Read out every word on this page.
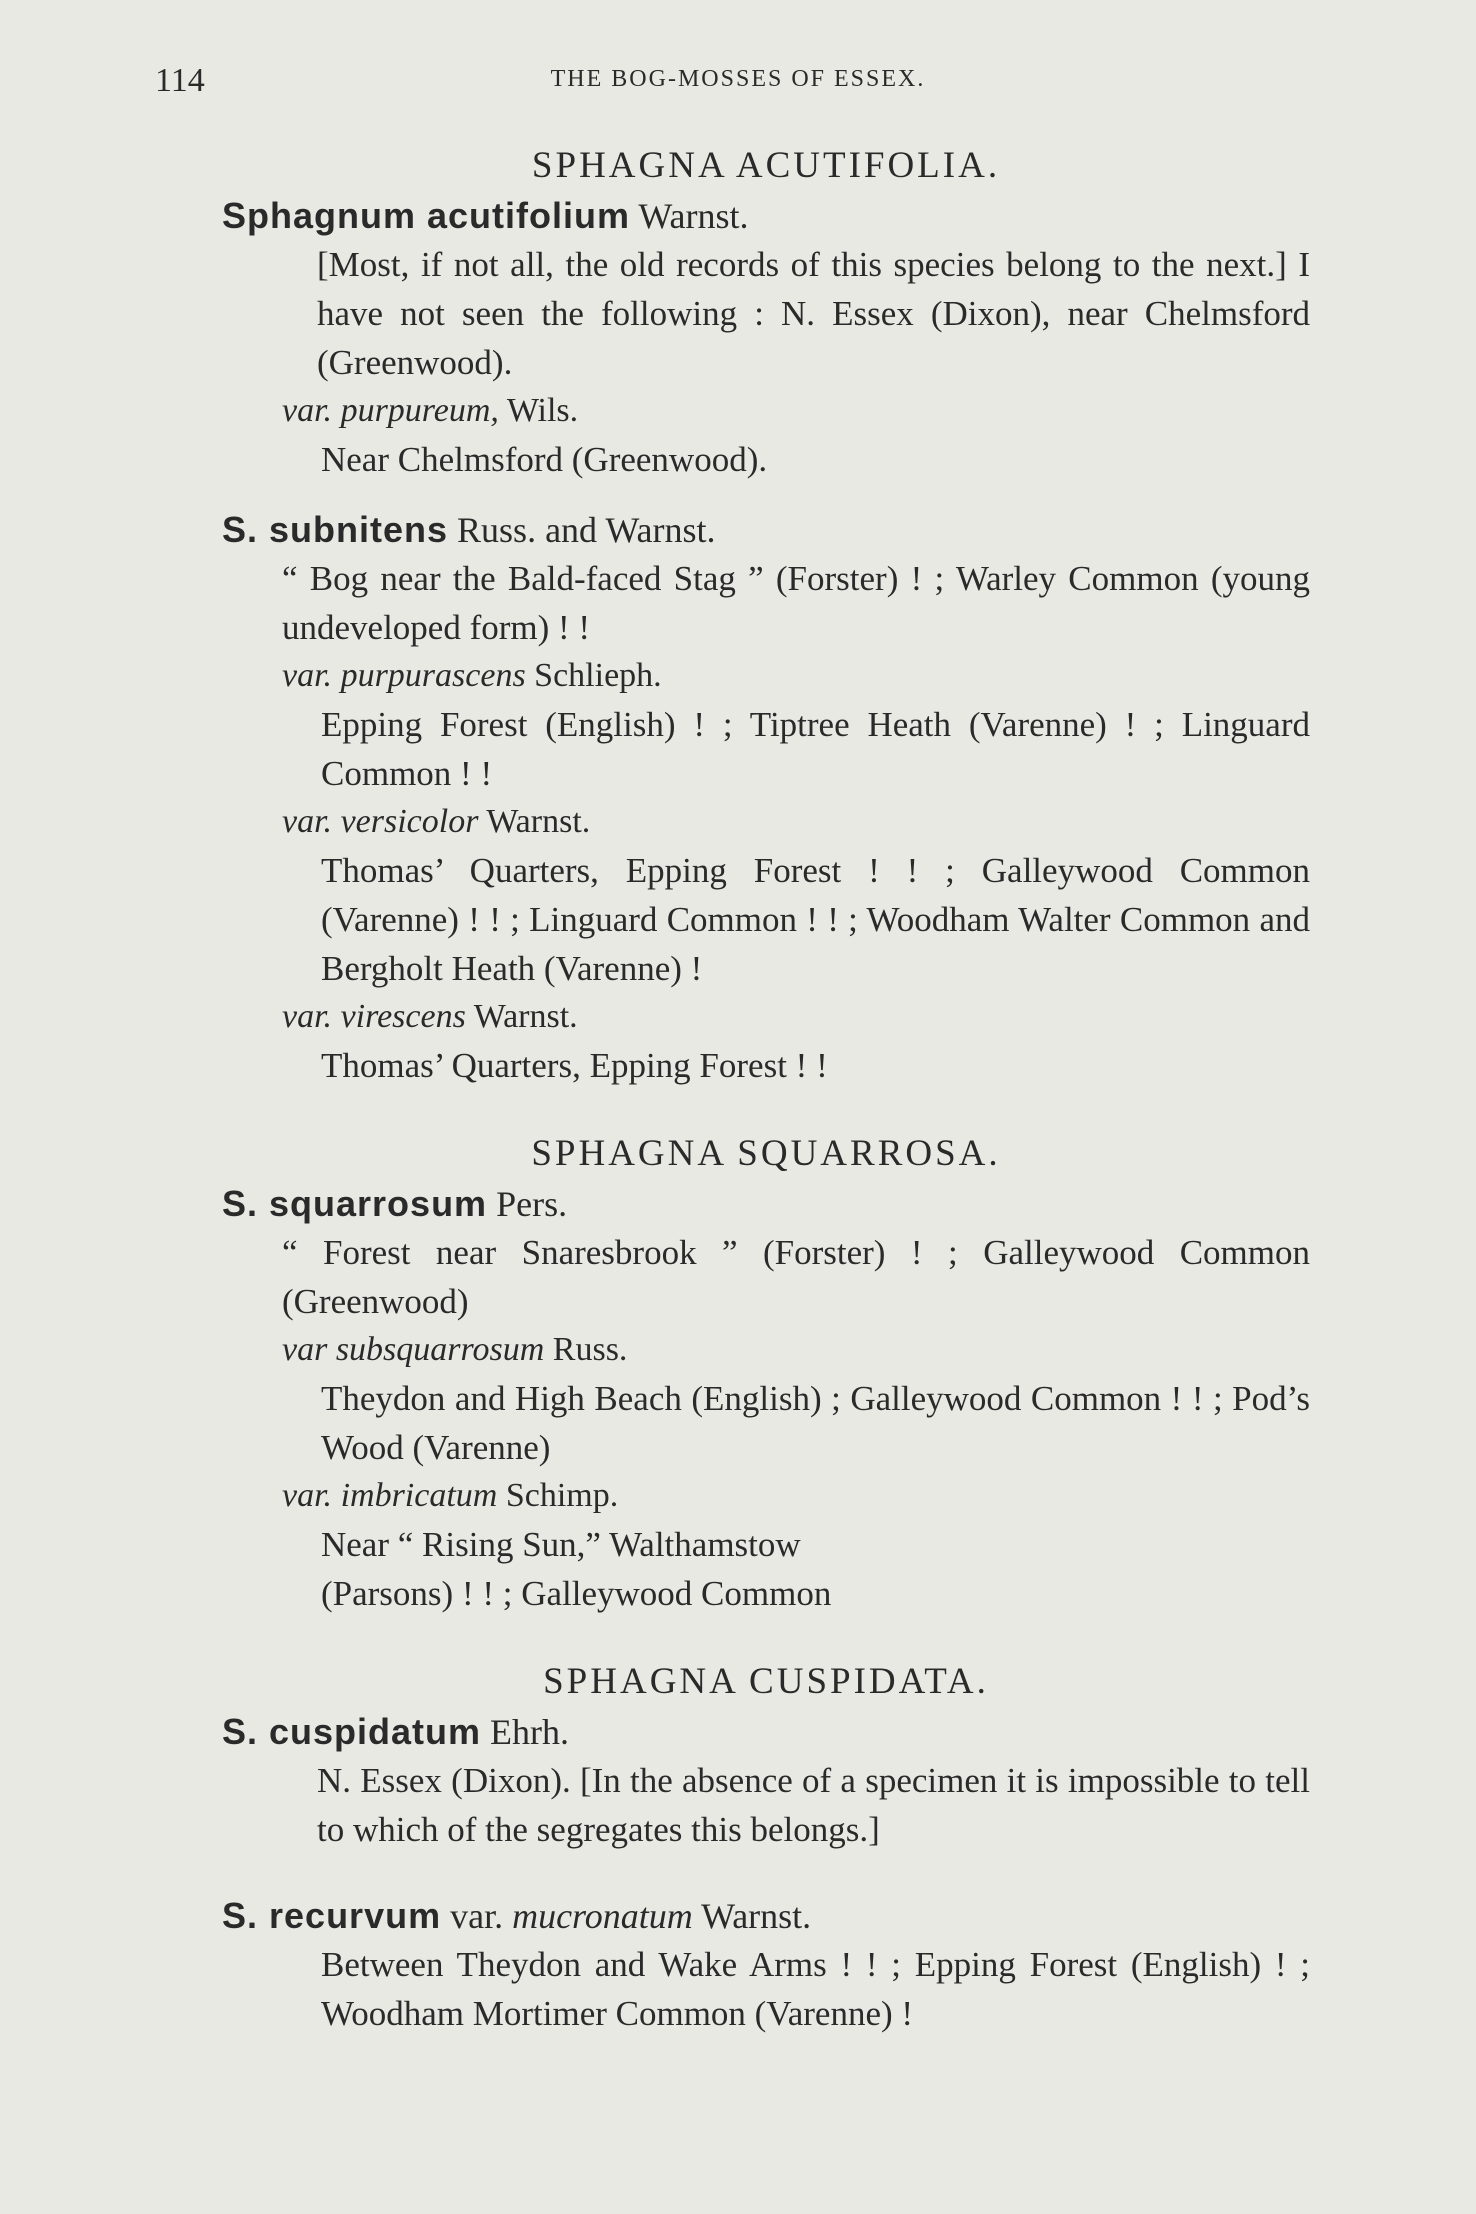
114	THE BOG-MOSSES OF ESSEX.
SPHAGNA ACUTIFOLIA.
Sphagnum acutifolium Warnst.
[Most, if not all, the old records of this species belong to the next.] I have not seen the following : N. Essex (Dixon), near Chelmsford (Greenwood).
var. purpureum, Wils.
Near Chelmsford (Greenwood).
S. subnitens Russ. and Warnst.
“ Bog near the Bald-faced Stag ” (Forster) ! ; Warley Common (young undeveloped form) ! !
var. purpurascens Schlieph.
Epping Forest (English) ! ; Tiptree Heath (Varenne) ! ; Linguard Common ! !
var. versicolor Warnst.
Thomas’ Quarters, Epping Forest ! ! ; Galleywood Common (Varenne) ! ! ; Linguard Common ! ! ; Woodham Walter Common and Bergholt Heath (Varenne) !
var. virescens Warnst.
Thomas’ Quarters, Epping Forest ! !
SPHAGNA SQUARROSA.
S. squarrosum Pers.
“ Forest near Snaresbrook ” (Forster) ! ; Galleywood Common (Greenwood)
var subsquarrosum Russ.
Theydon and High Beach (English) ; Galleywood Common ! ! ; Pod’s Wood (Varenne)
var. imbricatum Schimp.
Near “ Rising Sun,” Walthamstow
(Parsons) ! ! ; Galleywood Common
SPHAGNA CUSPIDATA.
S. cuspidatum Ehrh.
N. Essex (Dixon). [In the absence of a specimen it is impossible to tell to which of the segregates this belongs.]
S. recurvum var. mucronatum Warnst.
Between Theydon and Wake Arms ! ! ; Epping Forest (English) ! ; Woodham Mortimer Common (Varenne) !
